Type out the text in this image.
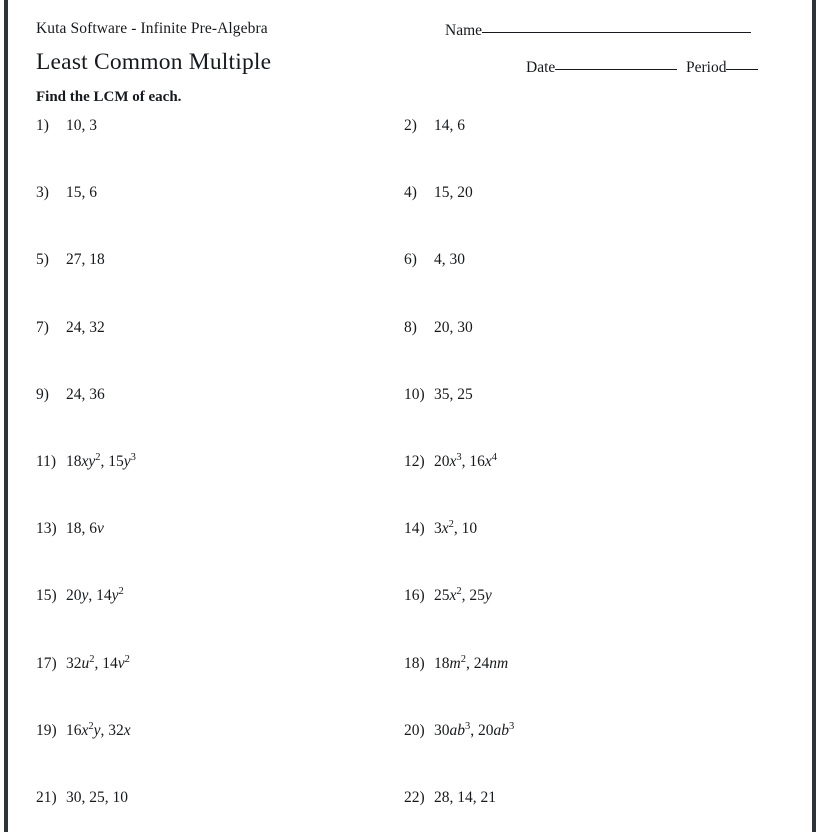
Kuta Software - Infinite Pre-Algebra
Least Common Multiple
Find the LCM of each.
Name
Date	Period
1) 10, 3	2) 14, 6
3) 15, 6	4) 15, 20
5) 27, 18	6) 4, 30
7) 24, 32	8) 20, 30
9) 24, 36	10) 35, 25
11) $18xy^2$, $15y^3$	12) $20x^3$, $16x^4$
13) 18, 6v	14) $3x^2$, 10
15) 20y, $14y^2$	16) $25x^2$, 25y
17) $32u^2$, $14v^2$	18) $18m^2$, 24nm
19) $16x^2y$, 32x	20) $30ab^3$, $20ab^3$
21) 30, 25, 10	22) 28, 14, 21
